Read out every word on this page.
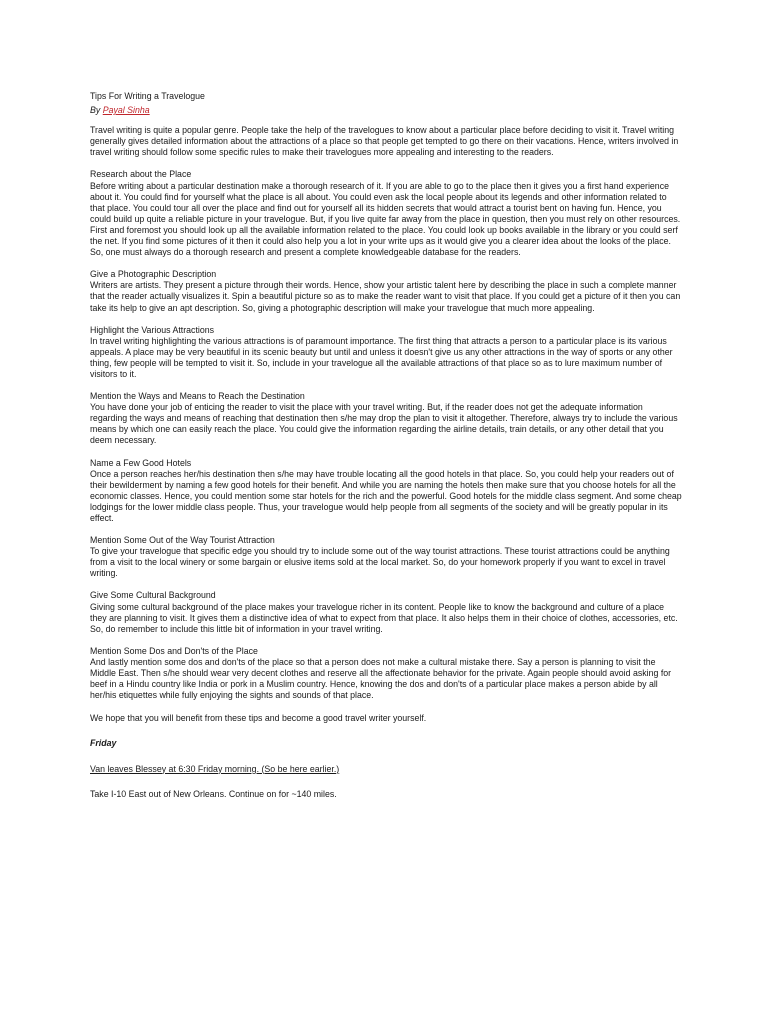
Tips For Writing a Travelogue

By Payal Sinha

Travel writing is quite a popular genre. People take the help of the travelogues to know about a particular place before deciding to visit it. Travel writing generally gives detailed information about the attractions of a place so that people get tempted to go there on their vacations. Hence, writers involved in travel writing should follow some specific rules to make their travelogues more appealing and interesting to the readers.

Research about the Place

Before writing about a particular destination make a thorough research of it. If you are able to go to the place then it gives you a first hand experience about it. You could find for yourself what the place is all about. You could even ask the local people about its legends and other information related to that place. You could tour all over the place and find out for yourself all its hidden secrets that would attract a tourist bent on having fun. Hence, you could build up quite a reliable picture in your travelogue. But, if you live quite far away from the place in question, then you must rely on other resources. First and foremost you should look up all the available information related to the place. You could look up books available in the library or you could serf the net. If you find some pictures of it then it could also help you a lot in your write ups as it would give you a clearer idea about the looks of the place. So, one must always do a thorough research and present a complete knowledgeable database for the readers.

Give a Photographic Description

Writers are artists. They present a picture through their words. Hence, show your artistic talent here by describing the place in such a complete manner that the reader actually visualizes it. Spin a beautiful picture so as to make the reader want to visit that place. If you could get a picture of it then you can take its help to give an apt description. So, giving a photographic description will make your travelogue that much more appealing.

Highlight the Various Attractions

In travel writing highlighting the various attractions is of paramount importance. The first thing that attracts a person to a particular place is its various appeals. A place may be very beautiful in its scenic beauty but until and unless it doesn't give us any other attractions in the way of sports or any other thing, few people will be tempted to visit it. So, include in your travelogue all the available attractions of that place so as to lure maximum number of visitors to it.

Mention the Ways and Means to Reach the Destination

You have done your job of enticing the reader to visit the place with your travel writing. But, if the reader does not get the adequate information regarding the ways and means of reaching that destination then s/he may drop the plan to visit it altogether. Therefore, always try to include the various means by which one can easily reach the place. You could give the information regarding the airline details, train details, or any other detail that you deem necessary.

Name a Few Good Hotels

Once a person reaches her/his destination then s/he may have trouble locating all the good hotels in that place. So, you could help your readers out of their bewilderment by naming a few good hotels for their benefit. And while you are naming the hotels then make sure that you choose hotels for all the economic classes. Hence, you could mention some star hotels for the rich and the powerful. Good hotels for the middle class segment. And some cheap lodgings for the lower middle class people. Thus, your travelogue would help people from all segments of the society and will be greatly popular in its effect.

Mention Some Out of the Way Tourist Attraction

To give your travelogue that specific edge you should try to include some out of the way tourist attractions. These tourist attractions could be anything from a visit to the local winery or some bargain or elusive items sold at the local market. So, do your homework properly if you want to excel in travel writing.

Give Some Cultural Background

Giving some cultural background of the place makes your travelogue richer in its content. People like to know the background and culture of a place they are planning to visit. It gives them a distinctive idea of what to expect from that place. It also helps them in their choice of clothes, accessories, etc. So, do remember to include this little bit of information in your travel writing.

Mention Some Dos and Don'ts of the Place

And lastly mention some dos and don'ts of the place so that a person does not make a cultural mistake there. Say a person is planning to visit the Middle East. Then s/he should wear very decent clothes and reserve all the affectionate behavior for the private. Again people should avoid asking for beef in a Hindu country like India or pork in a Muslim country. Hence, knowing the dos and don'ts of a particular place makes a person abide by all her/his etiquettes while fully enjoying the sights and sounds of that place.

We hope that you will benefit from these tips and become a good travel writer yourself.

Friday

Van leaves Blessey at 6:30 Friday morning. (So be here earlier.)

Take I-10 East out of New Orleans. Continue on for ~140 miles.
